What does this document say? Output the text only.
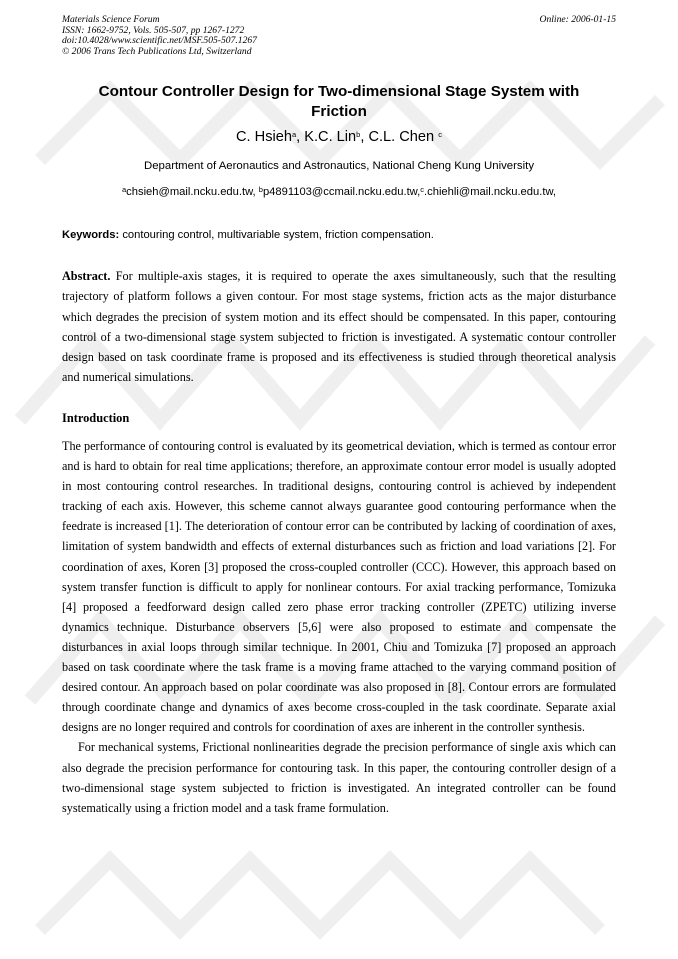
Materials Science Forum
ISSN: 1662-9752, Vols. 505-507, pp 1267-1272
doi:10.4028/www.scientific.net/MSF.505-507.1267
© 2006 Trans Tech Publications Ltd, Switzerland
Online: 2006-01-15
Contour Controller Design for Two-dimensional Stage System with Friction
C. Hsieh$^a$, K.C. Lin$^b$, C.L. Chen $^c$
Department of Aeronautics and Astronautics, National Cheng Kung University
$^a$chsieh@mail.ncku.edu.tw, $^b$p4891103@ccmail.ncku.edu.tw,$^c$.chiehli@mail.ncku.edu.tw,
Keywords: contouring control, multivariable system, friction compensation.
Abstract. For multiple-axis stages, it is required to operate the axes simultaneously, such that the resulting trajectory of platform follows a given contour. For most stage systems, friction acts as the major disturbance which degrades the precision of system motion and its effect should be compensated. In this paper, contouring control of a two-dimensional stage system subjected to friction is investigated. A systematic contour controller design based on task coordinate frame is proposed and its effectiveness is studied through theoretical analysis and numerical simulations.
Introduction

The performance of contouring control is evaluated by its geometrical deviation, which is termed as contour error and is hard to obtain for real time applications; therefore, an approximate contour error model is usually adopted in most contouring control researches. In traditional designs, contouring control is achieved by independent tracking of each axis. However, this scheme cannot always guarantee good contouring performance when the feedrate is increased [1]. The deterioration of contour error can be contributed by lacking of coordination of axes, limitation of system bandwidth and effects of external disturbances such as friction and load variations [2]. For coordination of axes, Koren [3] proposed the cross-coupled controller (CCC). However, this approach based on system transfer function is difficult to apply for nonlinear contours. For axial tracking performance, Tomizuka [4] proposed a feedforward design called zero phase error tracking controller (ZPETC) utilizing inverse dynamics technique. Disturbance observers [5,6] were also proposed to estimate and compensate the disturbances in axial loops through similar technique. In 2001, Chiu and Tomizuka [7] proposed an approach based on task coordinate where the task frame is a moving frame attached to the varying command position of desired contour. An approach based on polar coordinate was also proposed in [8]. Contour errors are formulated through coordinate change and dynamics of axes become cross-coupled in the task coordinate. Separate axial designs are no longer required and controls for coordination of axes are inherent in the controller synthesis.

For mechanical systems, Frictional nonlinearities degrade the precision performance of single axis which can also degrade the precision performance for contouring task. In this paper, the contouring controller design of a two-dimensional stage system subjected to friction is investigated. An integrated controller can be found systematically using a friction model and a task frame formulation.
